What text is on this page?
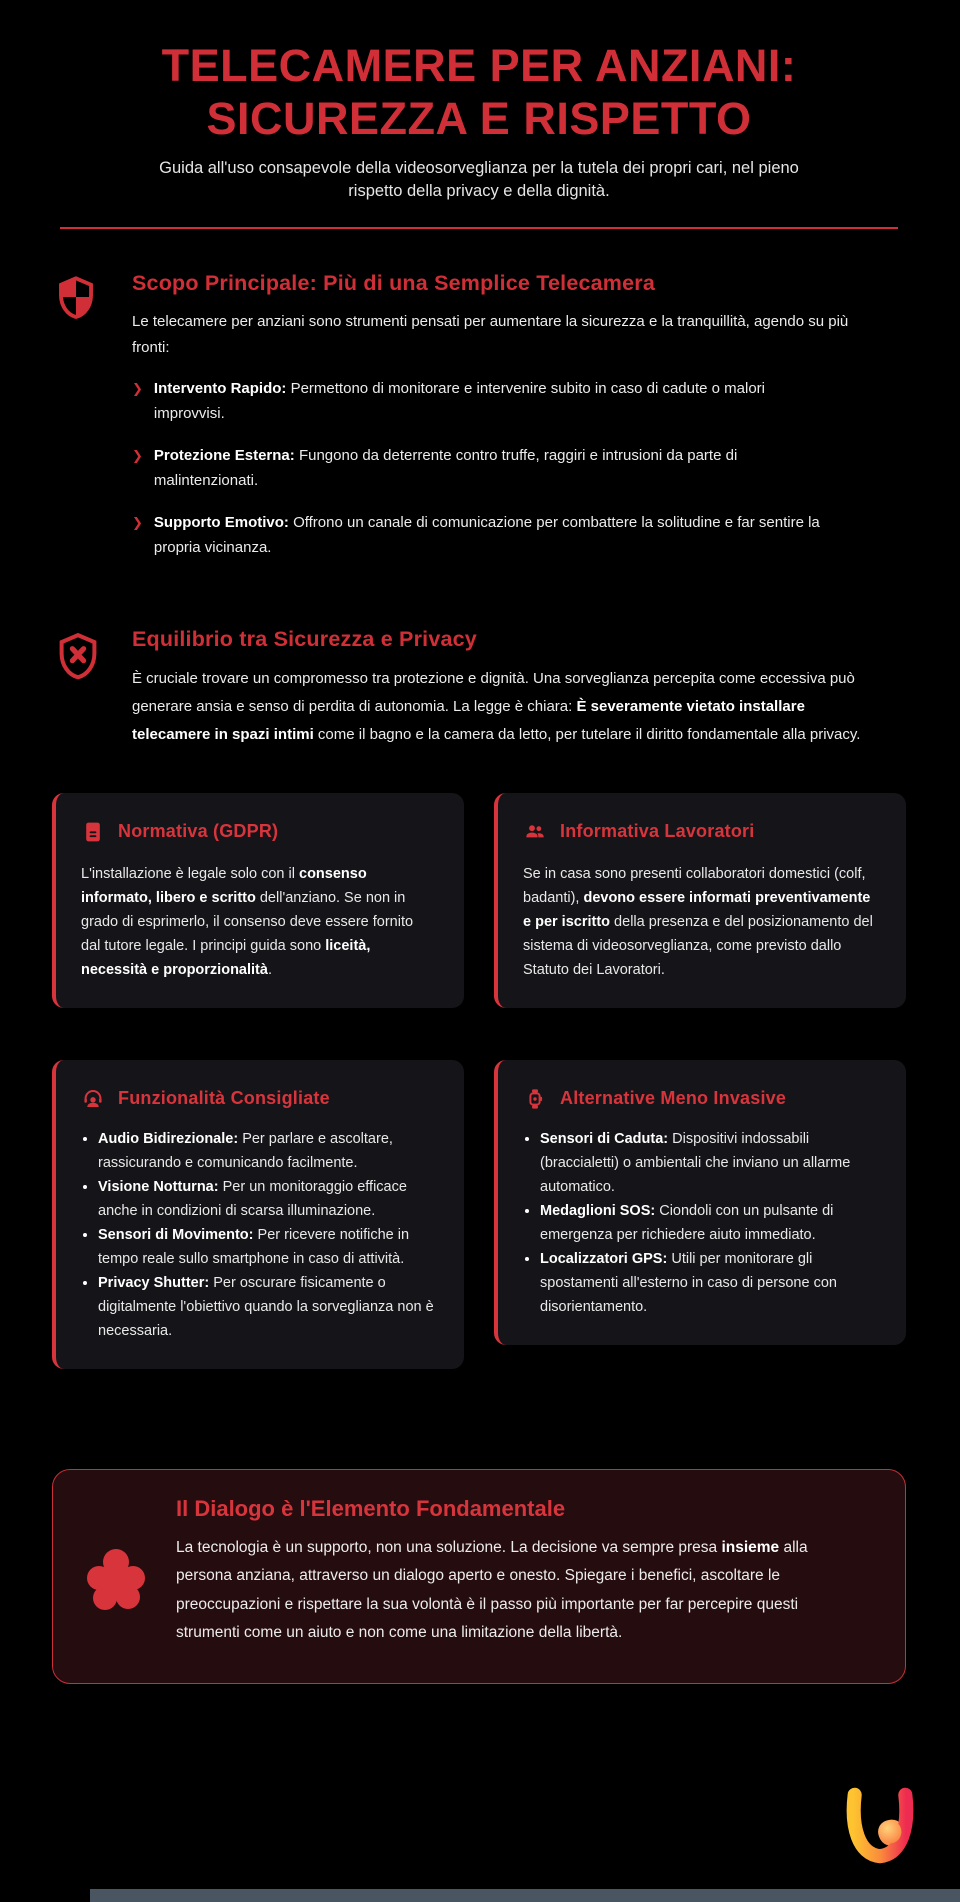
TELECAMERE PER ANZIANI:
SICUREZZA E RISPETTO

Guida all'uso consapevole della videosorveglianza per la tutela dei propri cari, nel pieno rispetto della privacy e della dignità.

Scopo Principale: Più di una Semplice Telecamera

Le telecamere per anziani sono strumenti pensati per aumentare la sicurezza e la tranquillità, agendo su più fronti:

❯ Intervento Rapido: Permettono di monitorare e intervenire subito in caso di cadute o malori improvvisi.

❯ Protezione Esterna: Fungono da deterrente contro truffe, raggiri e intrusioni da parte di malintenzionati.

❯ Supporto Emotivo: Offrono un canale di comunicazione per combattere la solitudine e far sentire la propria vicinanza.

Equilibrio tra Sicurezza e Privacy

È cruciale trovare un compromesso tra protezione e dignità. Una sorveglianza percepita come eccessiva può generare ansia e senso di perdita di autonomia. La legge è chiara: È severamente vietato installare telecamere in spazi intimi come il bagno e la camera da letto, per tutelare il diritto fondamentale alla privacy.

Normativa (GDPR)

L'installazione è legale solo con il consenso informato, libero e scritto dell'anziano. Se non in grado di esprimerlo, il consenso deve essere fornito dal tutore legale. I principi guida sono liceità, necessità e proporzionalità.

Informativa Lavoratori

Se in casa sono presenti collaboratori domestici (colf, badanti), devono essere informati preventivamente e per iscritto della presenza e del posizionamento del sistema di videosorveglianza, come previsto dallo Statuto dei Lavoratori.

Funzionalità Consigliate
• Audio Bidirezionale: Per parlare e ascoltare, rassicurando e comunicando facilmente.
• Visione Notturna: Per un monitoraggio efficace anche in condizioni di scarsa illuminazione.
• Sensori di Movimento: Per ricevere notifiche in tempo reale sullo smartphone in caso di attività.
• Privacy Shutter: Per oscurare fisicamente o digitalmente l'obiettivo quando la sorveglianza non è necessaria.
Alternative Meno Invasive
• Sensori di Caduta: Dispositivi indossabili (braccialetti) o ambientali che inviano un allarme automatico.
• Medaglioni SOS: Ciondoli con un pulsante di emergenza per richiedere aiuto immediato.
• Localizzatori GPS: Utili per monitorare gli spostamenti all'esterno in caso di persone con disorientamento.
Il Dialogo è l'Elemento Fondamentale

La tecnologia è un supporto, non una soluzione. La decisione va sempre presa insieme alla persona anziana, attraverso un dialogo aperto e onesto. Spiegare i benefici, ascoltare le preoccupazioni e rispettare la sua volontà è il passo più importante per far percepire questi strumenti come un aiuto e non come una limitazione della libertà.
